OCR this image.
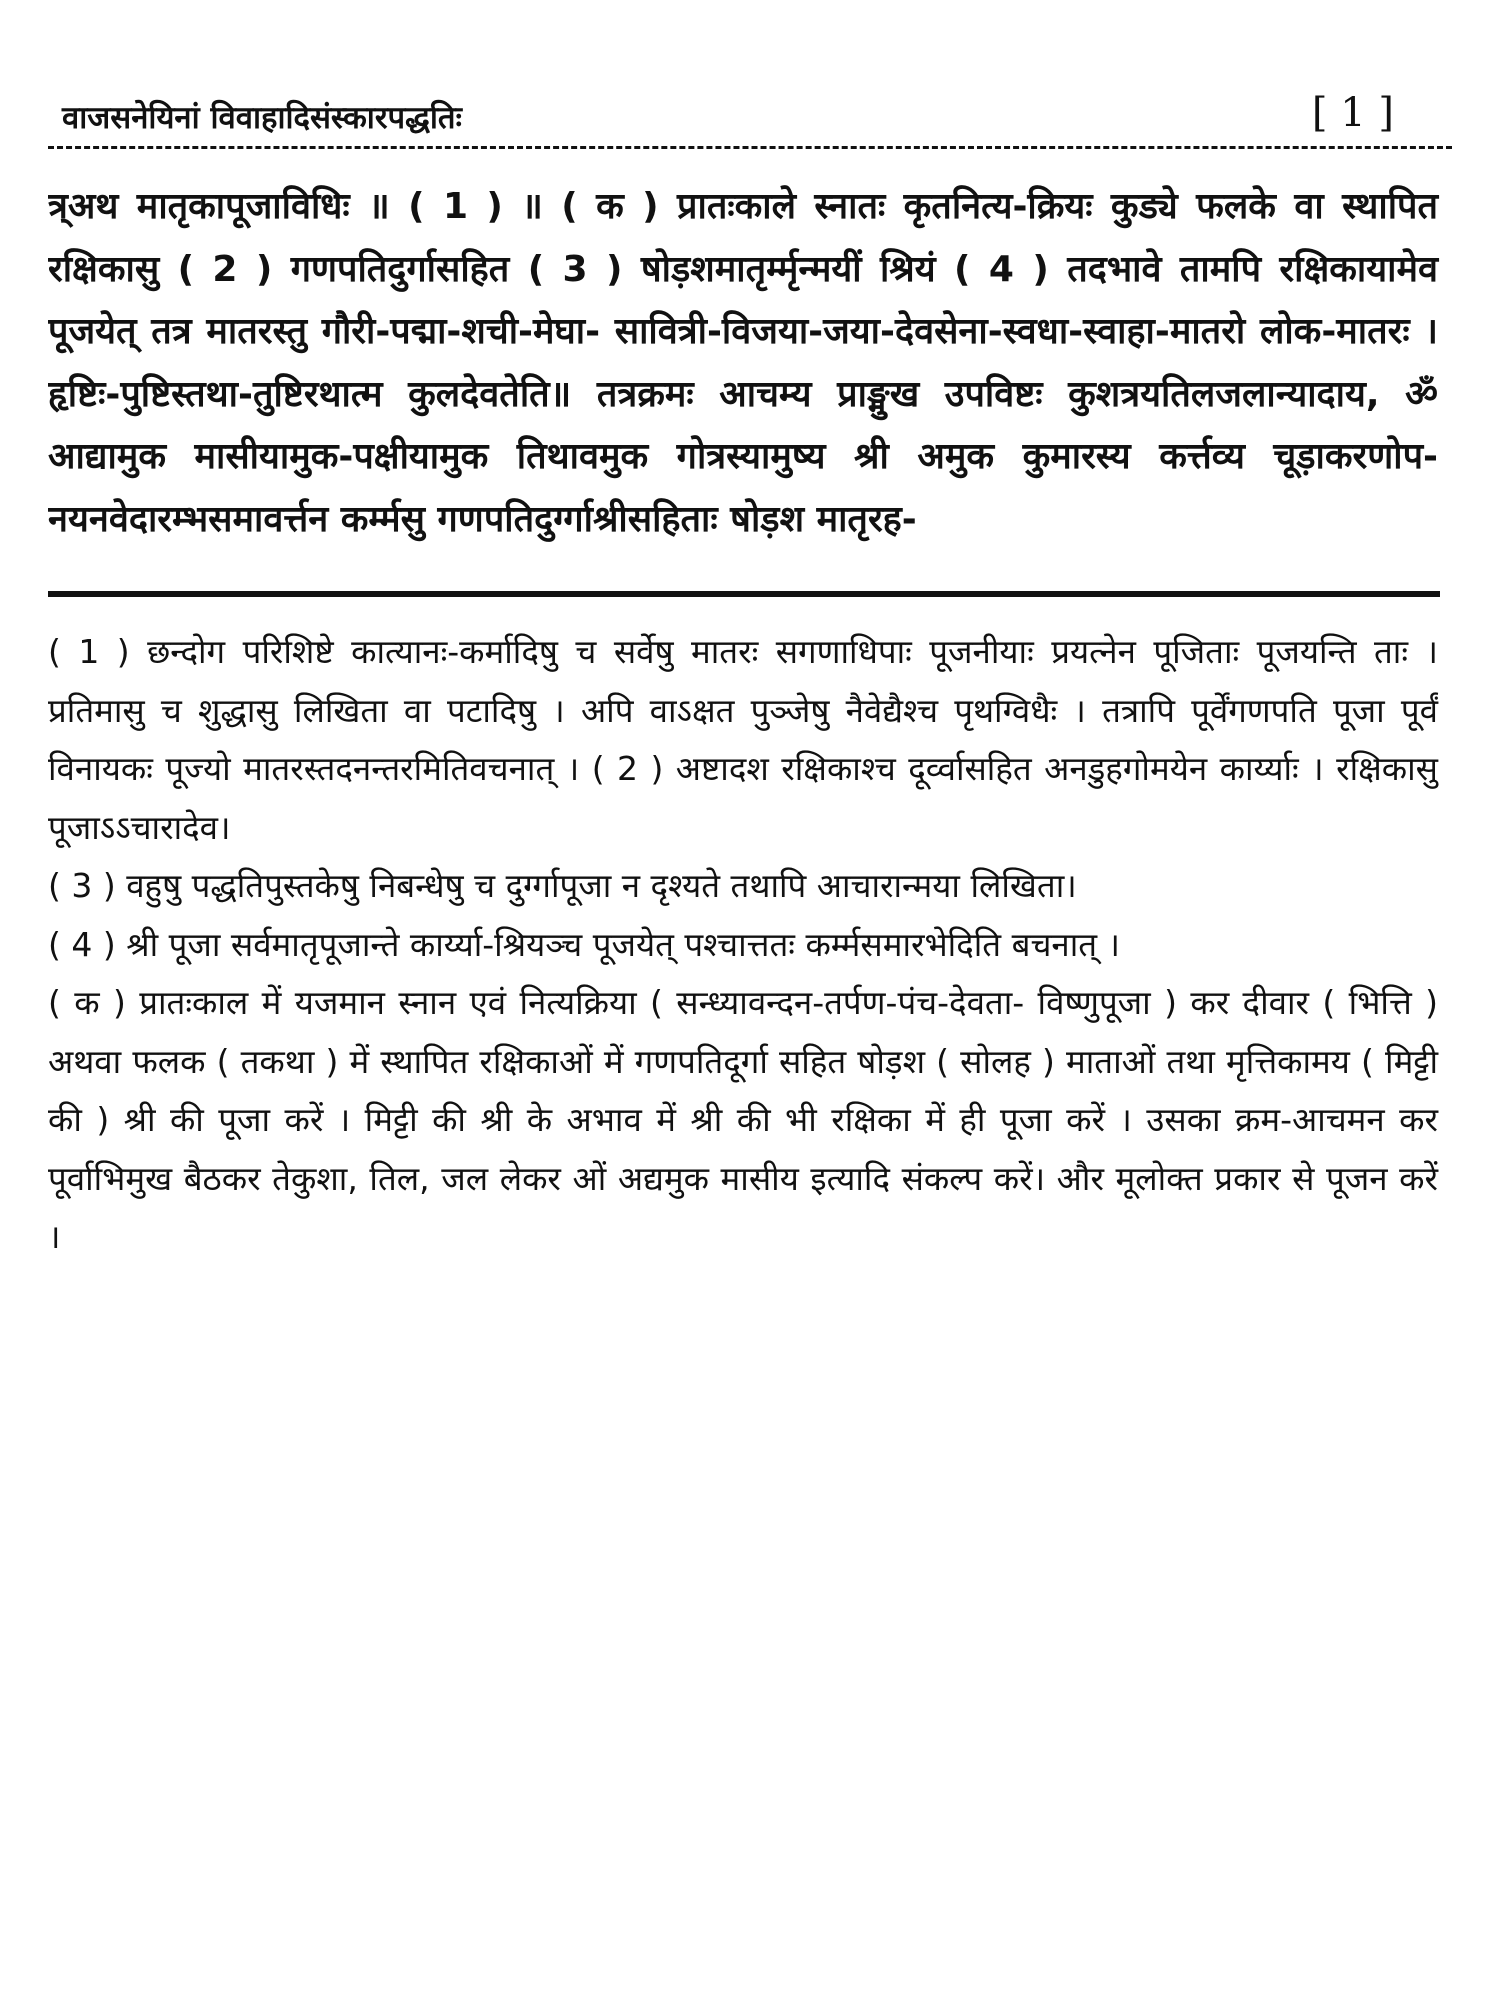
वाजसनेयिनां विवाहादिसंस्कारपद्धतिः	[ 1 ]

त्र्अथ मातृकापूजाविधिः ॥ ( 1 ) ॥ ( क ) प्रातःकाले स्नातः कृतनित्य-क्रियः कुड्ये फलके वा स्थापित रक्षिकासु ( 2 ) गणपतिदुर्गासहित ( 3 ) षोड़शमातृर्म्मृन्मयीं श्रियं ( 4 ) तदभावे तामपि रक्षिकायामेव पूजयेत् तत्र मातरस्तु गौरी-पद्मा-शची-मेघा- सावित्री-विजया-जया-देवसेना-स्वधा-स्वाहा-मातरो लोक-मातरः । हृष्टिः-पुष्टिस्तथा-तुष्टिरथात्म कुलदेवतेति॥ तत्रक्रमः आचम्य प्राङ्मुख उपविष्टः कुशत्रयतिलजलान्यादाय, ॐ आद्यामुक मासीयामुक-पक्षीयामुक तिथावमुक गोत्रस्यामुष्य श्री अमुक कुमारस्य कर्त्तव्य चूड़ाकरणोप-नयनवेदारम्भसमावर्त्तन कर्म्मसु गणपतिदुर्ग्गाश्रीसहिताः षोड़श मातृरह-

( 1 ) छन्दोग परिशिष्टे कात्यानः-कर्मादिषु च सर्वेषु मातरः सगणाधिपाः पूजनीयाः प्रयत्नेन पूजिताः पूजयन्ति ताः । प्रतिमासु च शुद्धासु लिखिता वा पटादिषु । अपि वाऽक्षत पुञ्जेषु नैवेद्यैश्च पृथग्विधैः । तत्रापि पूर्वेंगणपति पूजा पूर्वं विनायकः पूज्यो मातरस्तदनन्तरमितिवचनात् । ( 2 ) अष्टादश रक्षिकाश्च दूर्व्वासहित अनडुहगोमयेन कार्य्याः । रक्षिकासु पूजाऽऽचारादेव।

( 3 ) वहुषु पद्धतिपुस्तकेषु निबन्धेषु च दुर्ग्गापूजा न दृश्यते तथापि आचारान्मया लिखिता।

( 4 ) श्री पूजा सर्वमातृपूजान्ते कार्य्या-श्रियञ्च पूजयेत् पश्चात्ततः कर्म्मसमारभेदिति बचनात् ।

( क ) प्रातःकाल में यजमान स्नान एवं नित्यक्रिया ( सन्ध्यावन्दन-तर्पण-पंच-देवता- विष्णुपूजा ) कर दीवार ( भित्ति ) अथवा फलक ( तकथा ) में स्थापित रक्षिकाओं में गणपतिदूर्गा सहित षोड़श ( सोलह ) माताओं तथा मृत्तिकामय ( मिट्टी की ) श्री की पूजा करें । मिट्टी की श्री के अभाव में श्री की भी रक्षिका में ही पूजा करें । उसका क्रम-आचमन कर पूर्वाभिमुख बैठकर तेकुशा, तिल, जल लेकर ओं अद्यमुक मासीय इत्यादि संकल्प करें। और मूलोक्त प्रकार से पूजन करें ।
